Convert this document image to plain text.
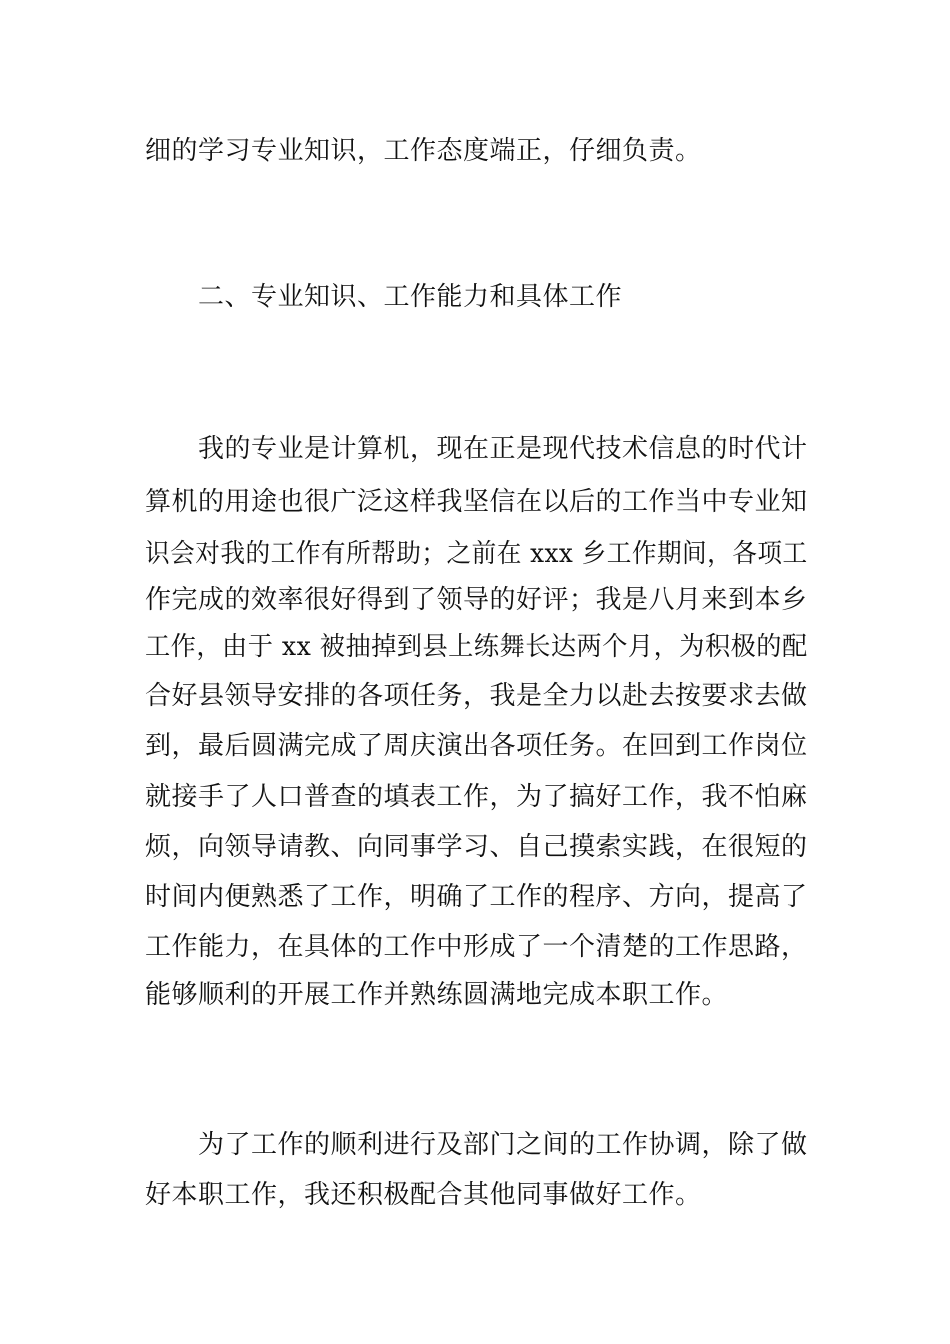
细的学习专业知识，工作态度端正，仔细负责。
二、专业知识、工作能力和具体工作
我的专业是计算机，现在正是现代技术信息的时代计
算机的用途也很广泛这样我坚信在以后的工作当中专业知
识会对我的工作有所帮助；之前在 xxx 乡工作期间，各项工
作完成的效率很好得到了领导的好评；我是八月来到本乡
工作，由于 xx 被抽掉到县上练舞长达两个月，为积极的配
合好县领导安排的各项任务，我是全力以赴去按要求去做
到，最后圆满完成了周庆演出各项任务。在回到工作岗位
就接手了人口普查的填表工作，为了搞好工作，我不怕麻
烦，向领导请教、向同事学习、自己摸索实践，在很短的
时间内便熟悉了工作，明确了工作的程序、方向，提高了
工作能力，在具体的工作中形成了一个清楚的工作思路，
能够顺利的开展工作并熟练圆满地完成本职工作。
为了工作的顺利进行及部门之间的工作协调，除了做
好本职工作，我还积极配合其他同事做好工作。
